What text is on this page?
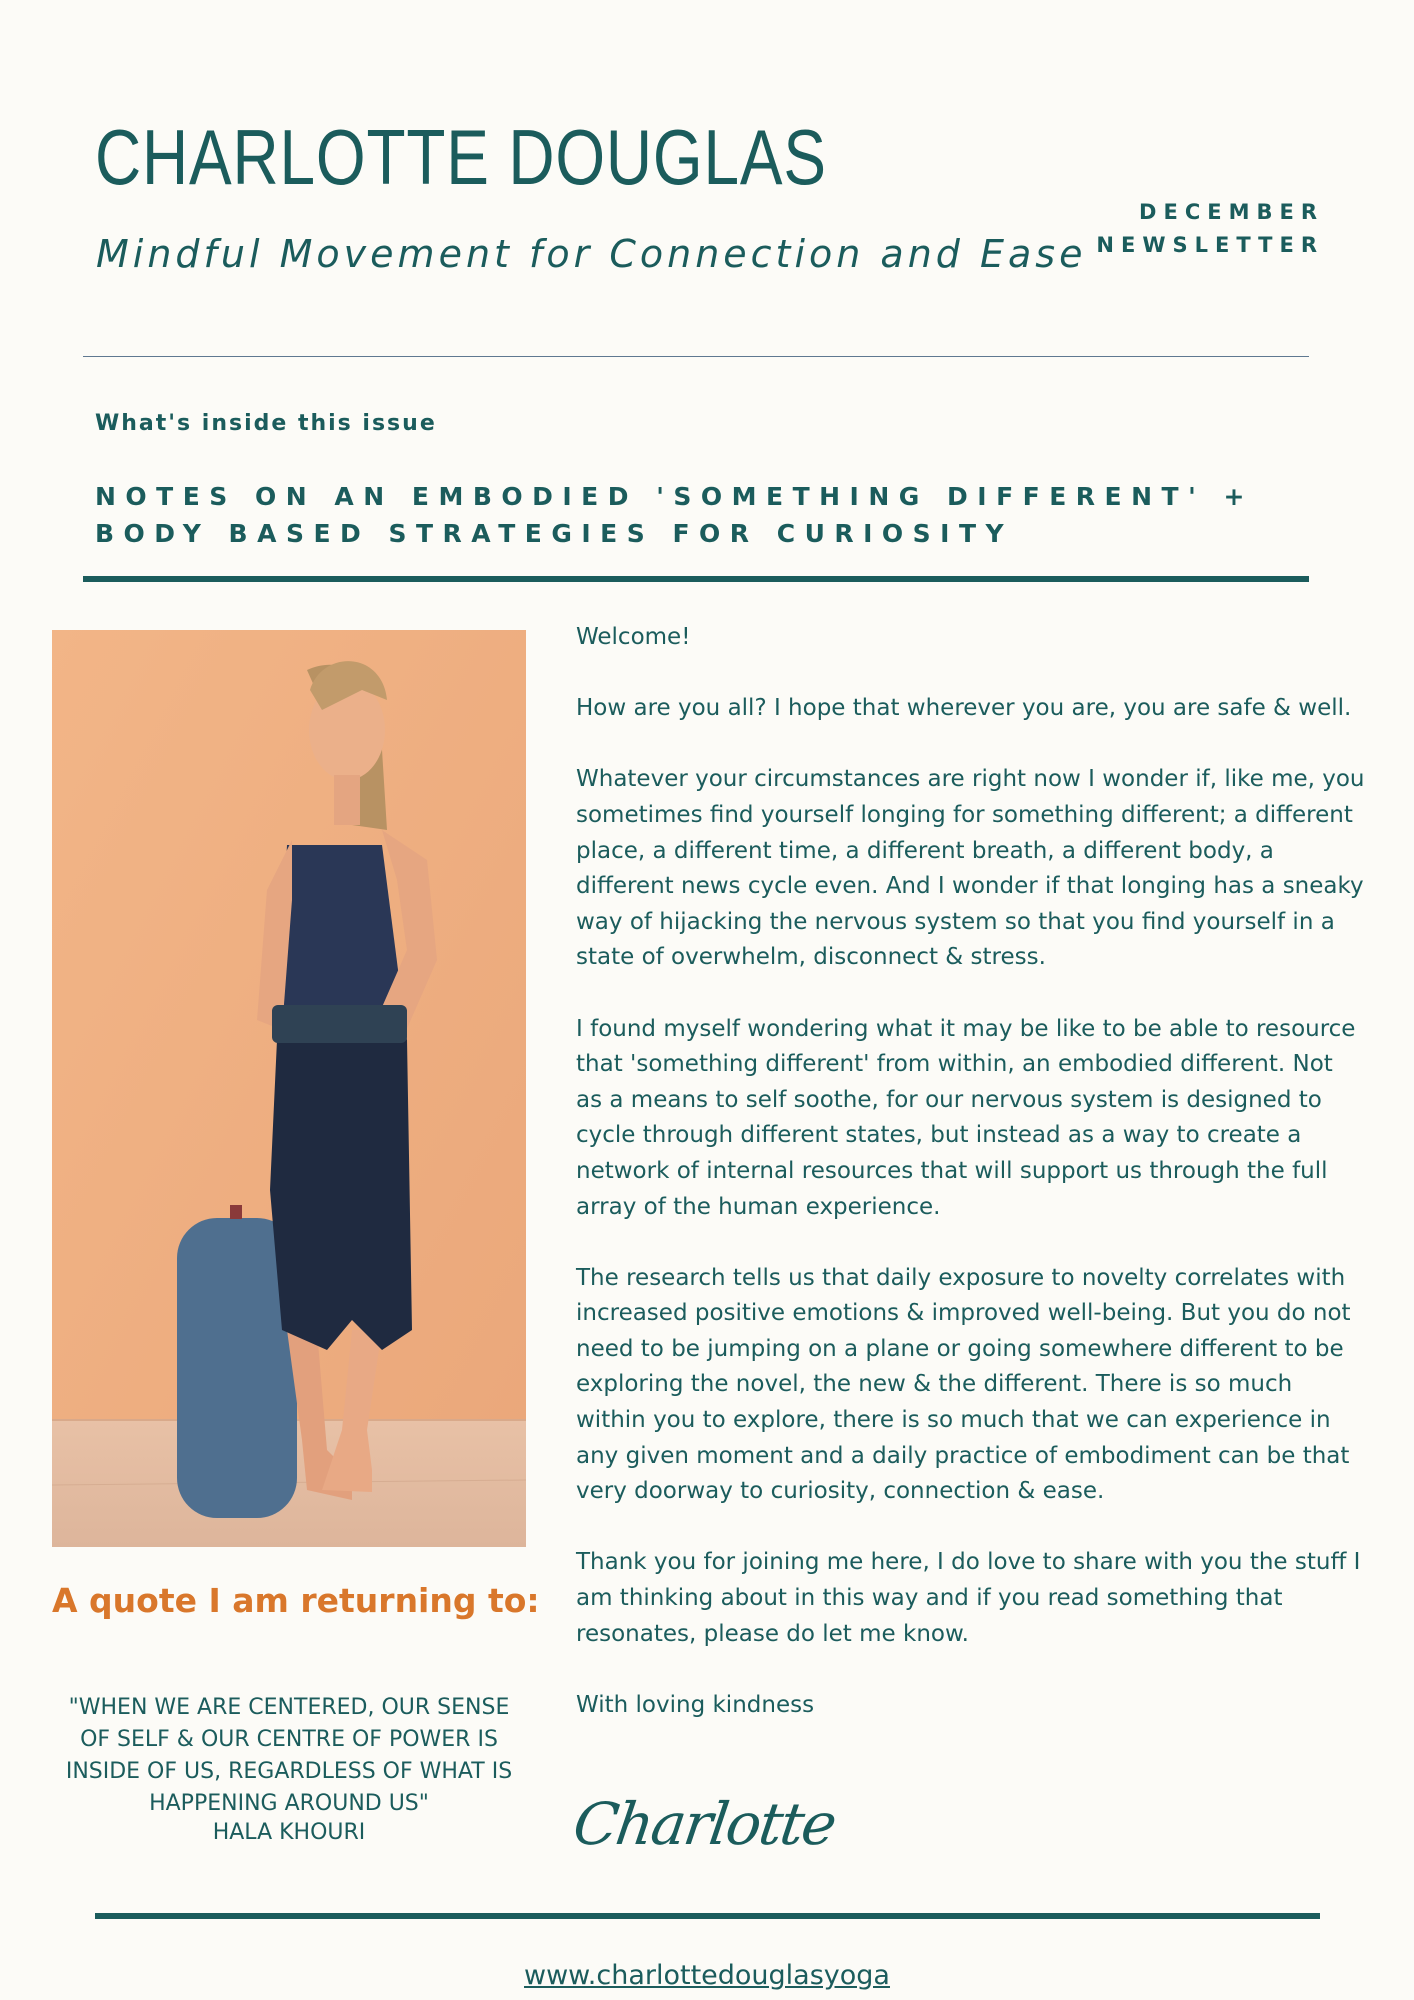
CHARLOTTE DOUGLAS
Mindful Movement for Connection and Ease
DECEMBER
NEWSLETTER

What's inside this issue

NOTES ON AN EMBODIED 'SOMETHING DIFFERENT' + BODY BASED STRATEGIES FOR CURIOSITY

A quote I am returning to:

"WHEN WE ARE CENTERED, OUR SENSE OF SELF & OUR CENTRE OF POWER IS INSIDE OF US, REGARDLESS OF WHAT IS HAPPENING AROUND US"

HALA KHOURI

Welcome!

How are you all? I hope that wherever you are, you are safe & well.

Whatever your circumstances are right now I wonder if, like me, you sometimes find yourself longing for something different; a different place, a different time, a different breath, a different body, a different news cycle even. And I wonder if that longing has a sneaky way of hijacking the nervous system so that you find yourself in a state of overwhelm, disconnect & stress.

I found myself wondering what it may be like to be able to resource that 'something different' from within, an embodied different. Not as a means to self soothe, for our nervous system is designed to cycle through different states, but instead as a way to create a network of internal resources that will support us through the full array of the human experience.

The research tells us that daily exposure to novelty correlates with increased positive emotions & improved well-being. But you do not need to be jumping on a plane or going somewhere different to be exploring the novel, the new & the different. There is so much within you to explore, there is so much that we can experience in any given moment and a daily practice of embodiment can be that very doorway to curiosity, connection & ease.

Thank you for joining me here, I do love to share with you the stuff I am thinking about in this way and if you read something that resonates, please do let me know.

With loving kindness

Charlotte

www.charlottedouglasyoga
